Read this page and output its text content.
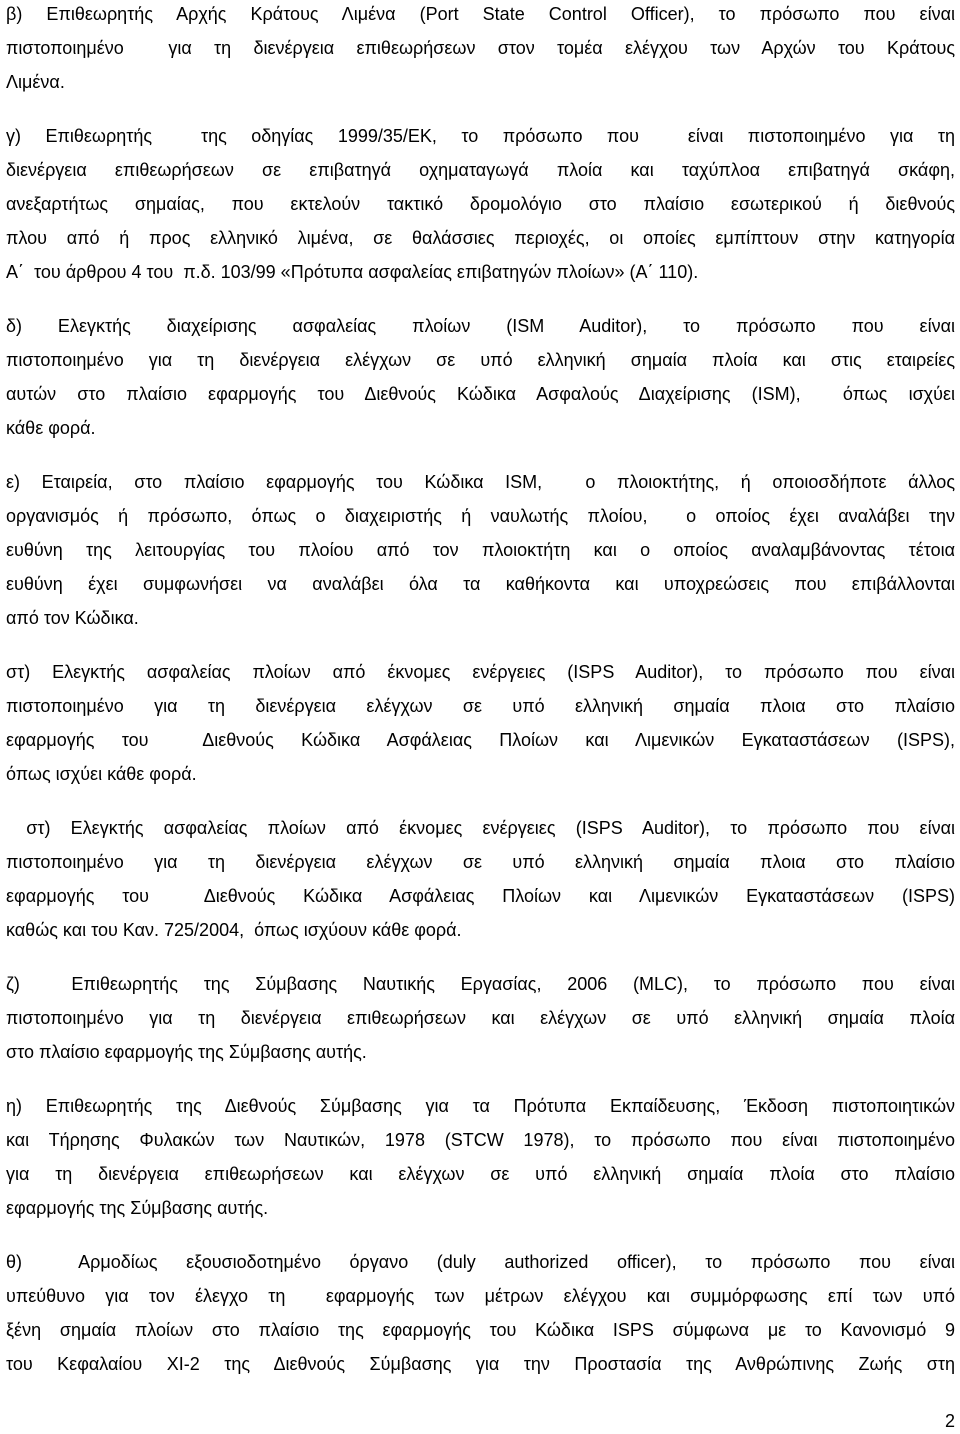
β) Επιθεωρητής Αρχής Κράτους Λιμένα (Port State Control Officer), το πρόσωπο που είναι
πιστοποιημένο  για τη διενέργεια επιθεωρήσεων στον τομέα ελέγχου των Αρχών του Κράτους
Λιμένα.
γ) Επιθεωρητής  της οδηγίας 1999/35/ΕΚ, το πρόσωπο που  είναι πιστοποιημένο για τη
διενέργεια επιθεωρήσεων σε επιβατηγά οχηματαγωγά πλοία και ταχύπλοα επιβατηγά σκάφη,
ανεξαρτήτως σημαίας, που εκτελούν τακτικό δρομολόγιο στο πλαίσιο εσωτερικού ή διεθνούς
πλου από ή προς ελληνικό λιμένα, σε θαλάσσιες περιοχές, οι οποίες εμπίπτουν στην κατηγορία
Α΄  του άρθρου 4 του  π.δ. 103/99 «Πρότυπα ασφαλείας επιβατηγών πλοίων» (Α΄ 110).
δ) Ελεγκτής διαχείρισης ασφαλείας πλοίων (ISM Auditor), το πρόσωπο που είναι
πιστοποιημένο για τη διενέργεια ελέγχων σε υπό ελληνική σημαία πλοία και στις εταιρείες
αυτών στο πλαίσιο εφαρμογής του Διεθνούς Κώδικα Ασφαλούς Διαχείρισης (ISM),  όπως ισχύει
κάθε φορά.
ε) Εταιρεία, στο πλαίσιο εφαρμογής του Κώδικα ISM,  ο πλοιοκτήτης, ή οποιοσδήποτε άλλος
οργανισμός ή πρόσωπο, όπως ο διαχειριστής ή ναυλωτής πλοίου,  ο οποίος έχει αναλάβει την
ευθύνη της λειτουργίας του πλοίου από τον πλοιοκτήτη και ο οποίος αναλαμβάνοντας τέτοια
ευθύνη έχει συμφωνήσει να αναλάβει όλα τα καθήκοντα και υποχρεώσεις που επιβάλλονται
από τον Κώδικα.
στ) Ελεγκτής ασφαλείας πλοίων από έκνομες ενέργειες (ISPS Auditor), το πρόσωπο που είναι
πιστοποιημένο για τη διενέργεια ελέγχων σε υπό ελληνική σημαία πλοια στο πλαίσιο
εφαρμογής του  Διεθνούς Κώδικα Ασφάλειας Πλοίων και Λιμενικών Εγκαταστάσεων (ISPS),
όπως ισχύει κάθε φορά.
στ) Ελεγκτής ασφαλείας πλοίων από έκνομες ενέργειες (ISPS Auditor), το πρόσωπο που είναι
πιστοποιημένο για τη διενέργεια ελέγχων σε υπό ελληνική σημαία πλοια στο πλαίσιο
εφαρμογής του  Διεθνούς Κώδικα Ασφάλειας Πλοίων και Λιμενικών Εγκαταστάσεων (ISPS)
καθώς και του Καν. 725/2004,  όπως ισχύουν κάθε φορά.
ζ)  Επιθεωρητής της Σύμβασης Ναυτικής Εργασίας, 2006 (MLC), το πρόσωπο που είναι
πιστοποιημένο για τη διενέργεια επιθεωρήσεων και ελέγχων σε υπό ελληνική σημαία πλοία
στο πλαίσιο εφαρμογής της Σύμβασης αυτής.
η) Επιθεωρητής της Διεθνούς Σύμβασης για τα Πρότυπα Εκπαίδευσης, Έκδοση πιστοποιητικών
και Τήρησης Φυλακών των Ναυτικών, 1978 (STCW 1978), το πρόσωπο που είναι πιστοποιημένο
για τη διενέργεια επιθεωρήσεων και ελέγχων σε υπό ελληνική σημαία πλοία στο πλαίσιο
εφαρμογής της Σύμβασης αυτής.
θ)  Αρμοδίως εξουσιοδοτημένο όργανο (duly authorized officer), το πρόσωπο που είναι
υπεύθυνο για τον έλεγχο τη  εφαρμογής των μέτρων ελέγχου και συμμόρφωσης επί των υπό
ξένη σημαία πλοίων στο πλαίσιο της εφαρμογής του Κώδικα ISPS σύμφωνα με το Κανονισμό 9
του Κεφαλαίου XI-2 της Διεθνούς Σύμβασης για την Προστασία της Ανθρώπινης Ζωής στη
2
